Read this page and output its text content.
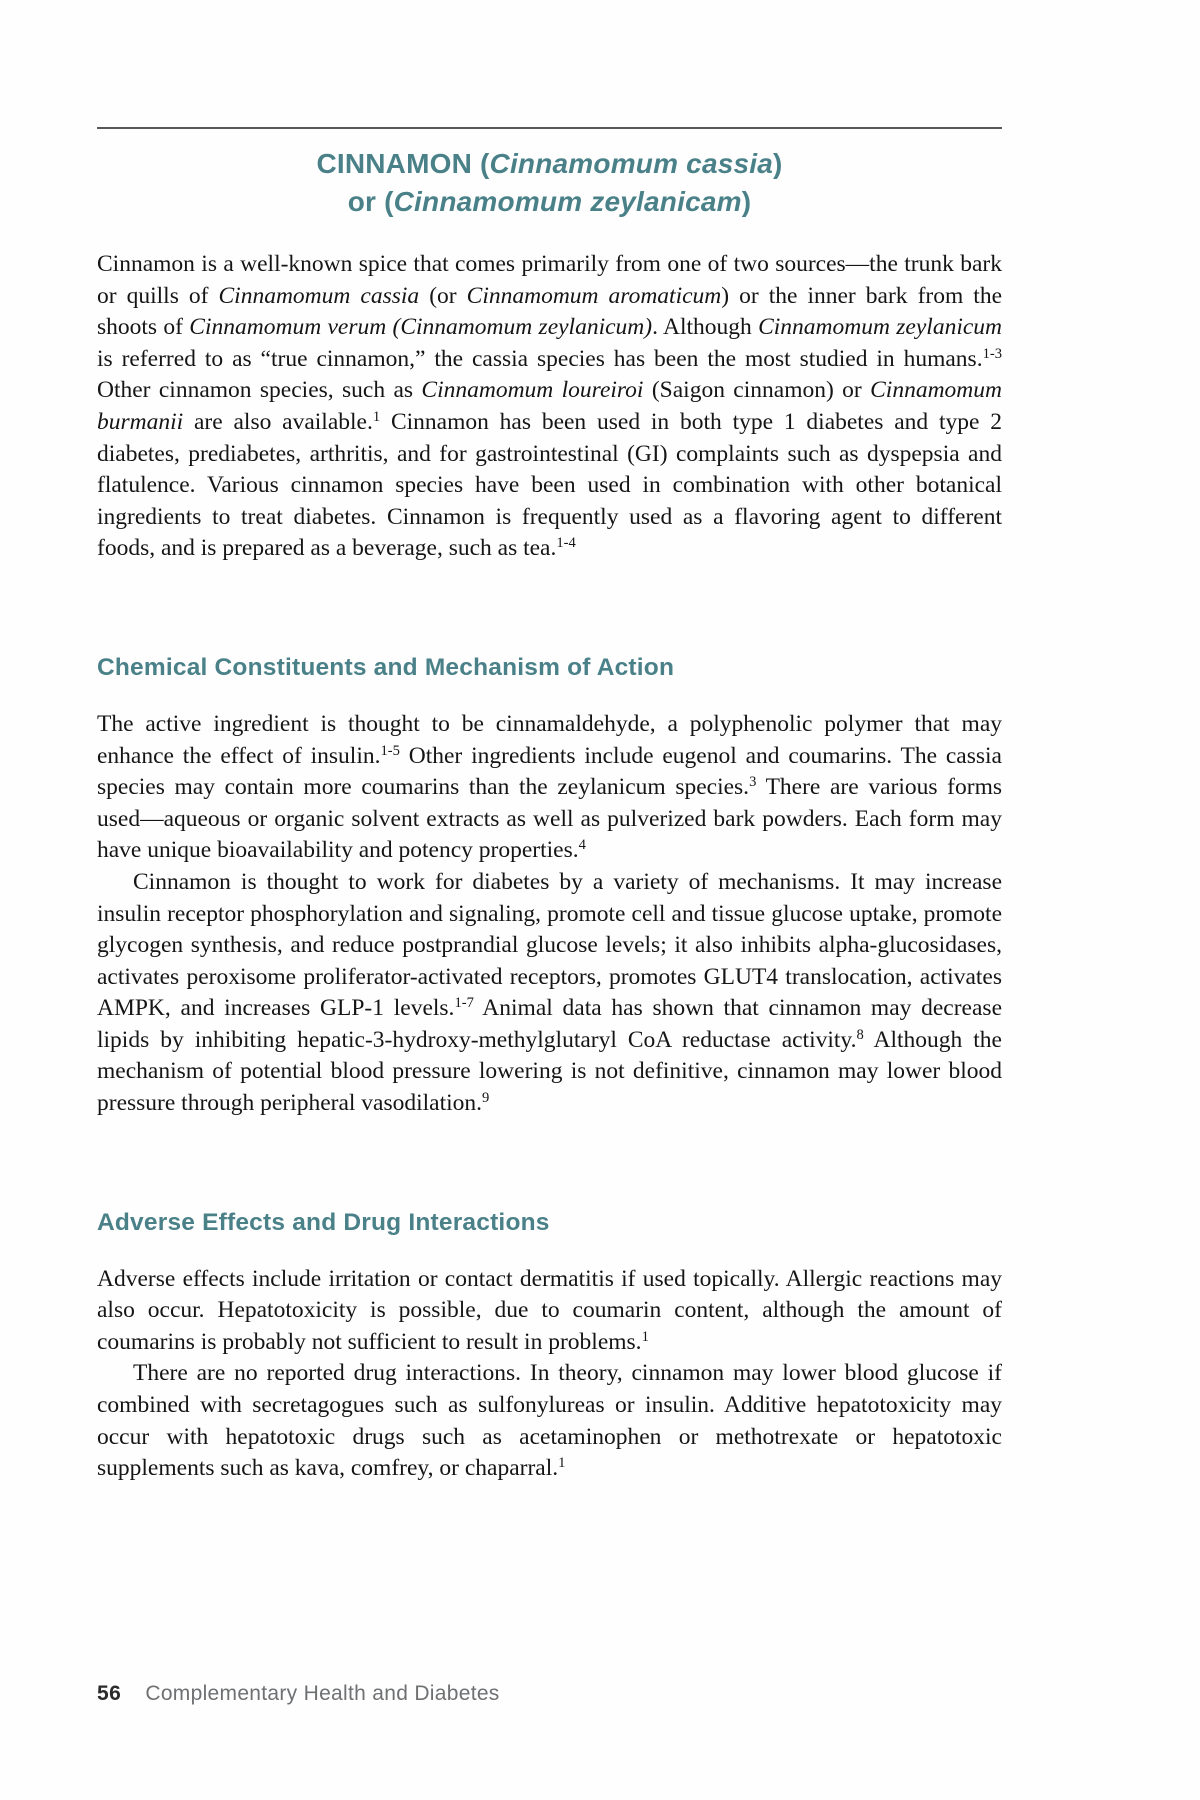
CINNAMON (Cinnamomum cassia)
or (Cinnamomum zeylanicam)

Cinnamon is a well-known spice that comes primarily from one of two sources—the trunk bark or quills of Cinnamomum cassia (or Cinnamomum aromaticum) or the inner bark from the shoots of Cinnamomum verum (Cinnamomum zeylanicum). Although Cinnamomum zeylanicum is referred to as “true cinnamon,” the cassia species has been the most studied in humans.$^{1-3}$ Other cinnamon species, such as Cinnamomum loureiroi (Saigon cinnamon) or Cinnamomum burmanii are also available.$^1$ Cinnamon has been used in both type 1 diabetes and type 2 diabetes, prediabetes, arthritis, and for gastrointestinal (GI) complaints such as dyspepsia and flatulence. Various cinnamon species have been used in combination with other botanical ingredients to treat diabetes. Cinnamon is frequently used as a flavoring agent to different foods, and is prepared as a beverage, such as tea.$^{1-4}$

Chemical Constituents and Mechanism of Action

The active ingredient is thought to be cinnamaldehyde, a polyphenolic polymer that may enhance the effect of insulin.$^{1-5}$ Other ingredients include eugenol and coumarins. The cassia species may contain more coumarins than the zeylanicum species.$^3$ There are various forms used—aqueous or organic solvent extracts as well as pulverized bark powders. Each form may have unique bioavailability and potency properties.$^4$

Cinnamon is thought to work for diabetes by a variety of mechanisms. It may increase insulin receptor phosphorylation and signaling, promote cell and tissue glucose uptake, promote glycogen synthesis, and reduce postprandial glucose levels; it also inhibits alpha-glucosidases, activates peroxisome proliferator-activated receptors, promotes GLUT4 translocation, activates AMPK, and increases GLP-1 levels.$^{1-7}$ Animal data has shown that cinnamon may decrease lipids by inhibiting hepatic-3-hydroxy-methylglutaryl CoA reductase activity.$^8$ Although the mechanism of potential blood pressure lowering is not definitive, cinnamon may lower blood pressure through peripheral vasodilation.$^9$

Adverse Effects and Drug Interactions

Adverse effects include irritation or contact dermatitis if used topically. Allergic reactions may also occur. Hepatotoxicity is possible, due to coumarin content, although the amount of coumarins is probably not sufficient to result in problems.$^1$

There are no reported drug interactions. In theory, cinnamon may lower blood glucose if combined with secretagogues such as sulfonylureas or insulin. Additive hepatotoxicity may occur with hepatotoxic drugs such as acetaminophen or methotrexate or hepatotoxic supplements such as kava, comfrey, or chaparral.$^1$

56 Complementary Health and Diabetes
